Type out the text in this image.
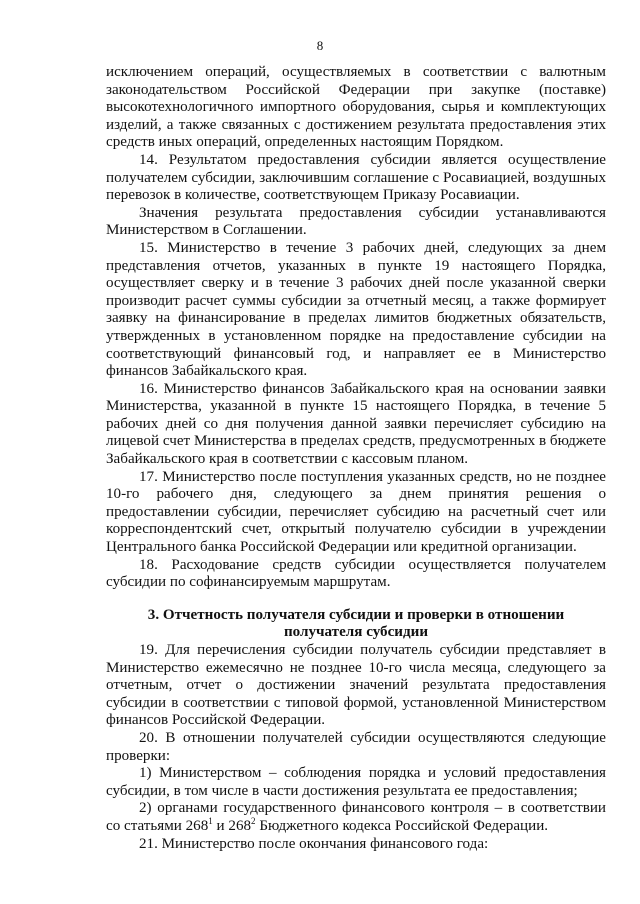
8

исключением операций, осуществляемых в соответствии с валютным законодательством Российской Федерации при закупке (поставке) высокотехнологичного импортного оборудования, сырья и комплектующих изделий, а также связанных с достижением результата предоставления этих средств иных операций, определенных настоящим Порядком.

14. Результатом предоставления субсидии является осуществление получателем субсидии, заключившим соглашение с Росавиацией, воздушных перевозок в количестве, соответствующем Приказу Росавиации.

Значения результата предоставления субсидии устанавливаются Министерством в Соглашении.

15. Министерство в течение 3 рабочих дней, следующих за днем представления отчетов, указанных в пункте 19 настоящего Порядка, осуществляет сверку и в течение 3 рабочих дней после указанной сверки производит расчет суммы субсидии за отчетный месяц, а также формирует заявку на финансирование в пределах лимитов бюджетных обязательств, утвержденных в установленном порядке на предоставление субсидии на соответствующий финансовый год, и направляет ее в Министерство финансов Забайкальского края.

16. Министерство финансов Забайкальского края на основании заявки Министерства, указанной в пункте 15 настоящего Порядка, в течение 5 рабочих дней со дня получения данной заявки перечисляет субсидию на лицевой счет Министерства в пределах средств, предусмотренных в бюджете Забайкальского края в соответствии с кассовым планом.

17. Министерство после поступления указанных средств, но не позднее 10-го рабочего дня, следующего за днем принятия решения о предоставлении субсидии, перечисляет субсидию на расчетный счет или корреспондентский счет, открытый получателю субсидии в учреждении Центрального банка Российской Федерации или кредитной организации.

18. Расходование средств субсидии осуществляется получателем субсидии по софинансируемым маршрутам.

3. Отчетность получателя субсидии и проверки в отношении получателя субсидии

19. Для перечисления субсидии получатель субсидии представляет в Министерство ежемесячно не позднее 10-го числа месяца, следующего за отчетным, отчет о достижении значений результата предоставления субсидии в соответствии с типовой формой, установленной Министерством финансов Российской Федерации.

20. В отношении получателей субсидии осуществляются следующие проверки:

1) Министерством – соблюдения порядка и условий предоставления субсидии, в том числе в части достижения результата ее предоставления;

2) органами государственного финансового контроля – в соответствии со статьями $268^1$ и $268^2$ Бюджетного кодекса Российской Федерации.

21. Министерство после окончания финансового года:
